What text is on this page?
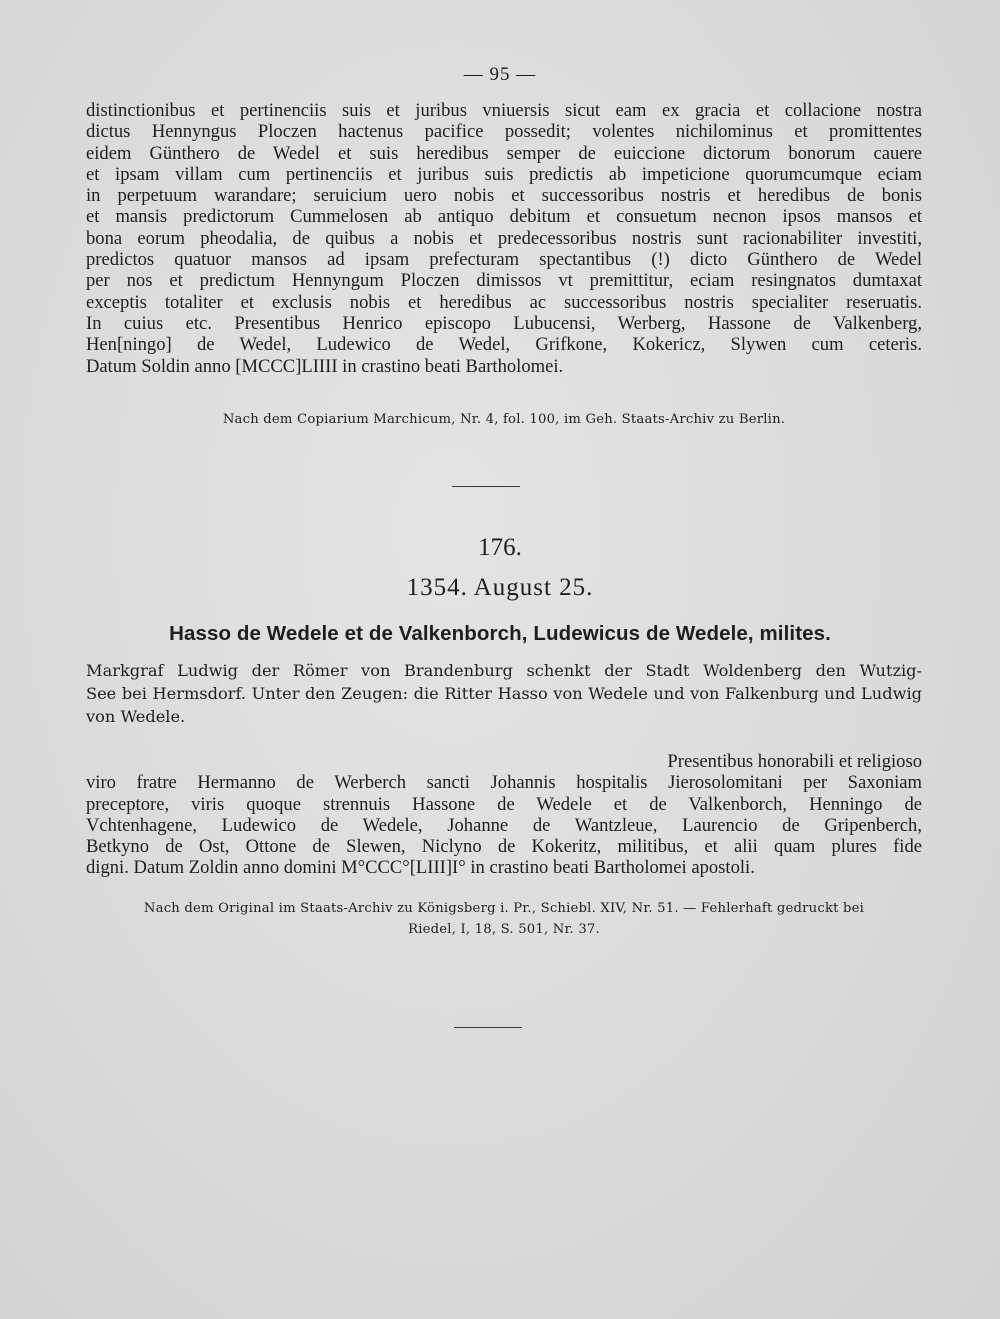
— 95 —

distinctionibus et pertinenciis suis et juribus vniuersis sicut eam ex gracia et collacione nostra
dictus Hennyngus Ploczen hactenus pacifice possedit; volentes nichilominus et promittentes
eidem Günthero de Wedel et suis heredibus semper de euiccione dictorum bonorum cauere
et ipsam villam cum pertinenciis et juribus suis predictis ab impeticione quorumcumque eciam
in perpetuum warandare; seruicium uero nobis et successoribus nostris et heredibus de bonis
et mansis predictorum Cummelosen ab antiquo debitum et consuetum necnon ipsos mansos et
bona eorum pheodalia, de quibus a nobis et predecessoribus nostris sunt racionabiliter investiti,
predictos quatuor mansos ad ipsam prefecturam spectantibus (!) dicto Günthero de Wedel
per nos et predictum Hennyngum Ploczen dimissos vt premittitur, eciam resingnatos dumtaxat
exceptis totaliter et exclusis nobis et heredibus ac successoribus nostris specialiter reseruatis.
In cuius etc. Presentibus Henrico episcopo Lubucensi, Werberg, Hassone de Valkenberg,
Hen[ningo] de Wedel, Ludewico de Wedel, Grifkone, Kokericz, Slywen cum ceteris.
Datum Soldin anno [MCCC]LIIII in crastino beati Bartholomei.

Nach dem Copiarium Marchicum, Nr. 4, fol. 100, im Geh. Staats-Archiv zu Berlin.

176.
1354. August 25.
Hasso de Wedele et de Valkenborch, Ludewicus de Wedele, milites.

Markgraf Ludwig der Römer von Brandenburg schenkt der Stadt Woldenberg den Wutzig-
See bei Hermsdorf. Unter den Zeugen: die Ritter Hasso von Wedele und von Falkenburg und Ludwig
von Wedele.

Presentibus honorabili et religioso
viro fratre Hermanno de Werberch sancti Johannis hospitalis Jierosolomitani per Saxoniam
preceptore, viris quoque strennuis Hassone de Wedele et de Valkenborch, Henningo de
Vchtenhagene, Ludewico de Wedele, Johanne de Wantzleue, Laurencio de Gripenberch,
Betkyno de Ost, Ottone de Slewen, Niclyno de Kokeritz, militibus, et alii quam plures fide
digni. Datum Zoldin anno domini M°CCC°[LIII]I° in crastino beati Bartholomei apostoli.

Nach dem Original im Staats-Archiv zu Königsberg i. Pr., Schiebl. XIV, Nr. 51. — Fehlerhaft gedruckt bei
Riedel, I, 18, S. 501, Nr. 37.
